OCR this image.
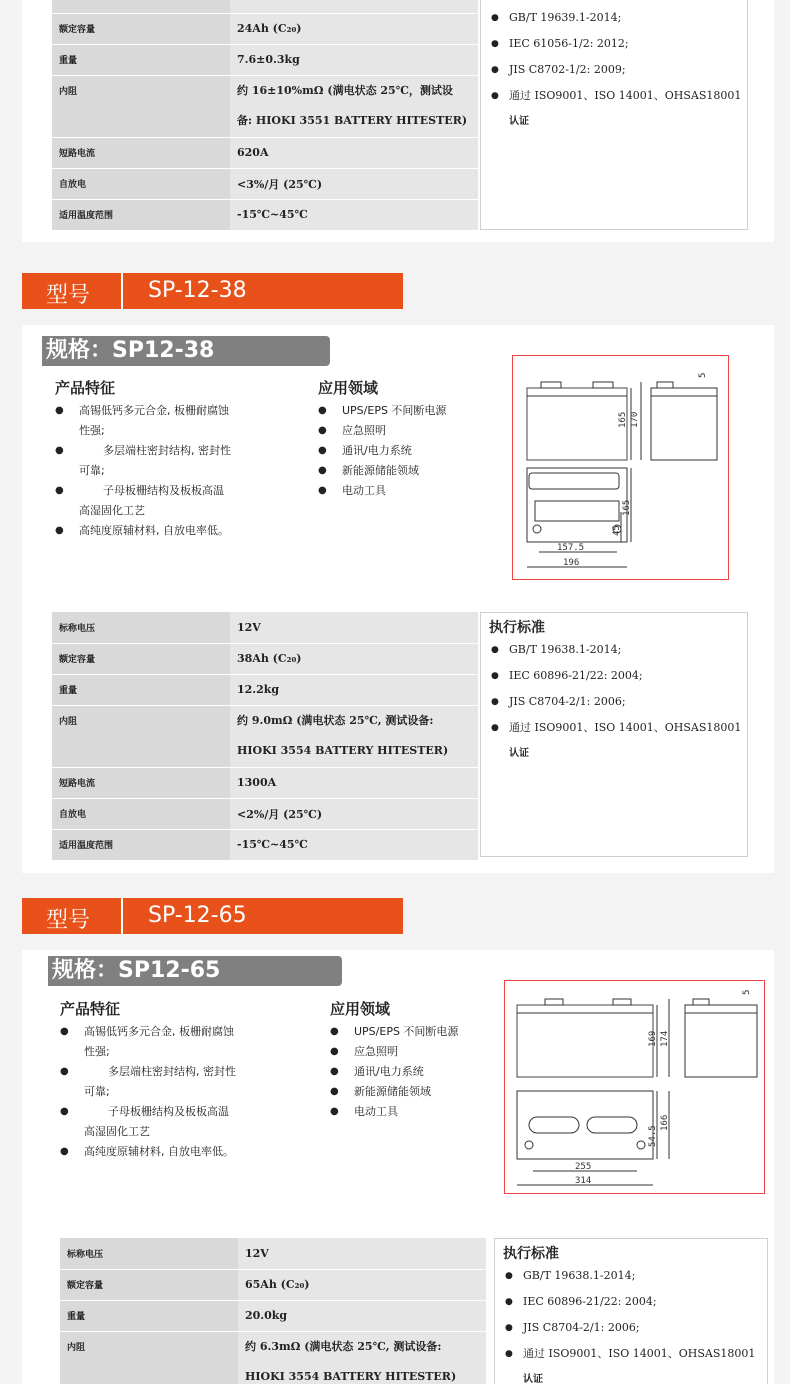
额定容量	24Ah (C₂₀)
重量	7.6±0.3kg
内阻	约 16±10%mΩ (满电状态 25℃，测试设
备: HIOKI 3551 BATTERY HITESTER)

短路电流	620A
自放电	<3%/月 (25℃)
适用温度范围	-15℃~45℃
● GB/T 19639.1-2014;
● IEC 61056-1/2: 2012;
● JIS C8702-1/2: 2009;
● 通过 ISO9001、ISO 14001、OHSAS18001
认证
型号	SP-12-38
规格：SP12-38
产品特征
● 高锡低钙多元合金, 板栅耐腐蚀
性强;
● 多层端柱密封结构, 密封性
可靠;
● 子母板栅结构及板板高温
高湿固化工艺
● 高纯度原辅材料, 自放电率低。
应用领域
● UPS/EPS 不间断电源
● 应急照明
● 通讯/电力系统
● 新能源储能领域
● 电动工具
165 170
5
165
45
157.5
196
标称电压	12V
额定容量	38Ah (C₂₀)
重量	12.2kg
内阻	约 9.0mΩ (满电状态 25℃, 测试设备:
HIOKI 3554 BATTERY HITESTER)

短路电流	1300A
自放电	<2%/月 (25℃)
适用温度范围	-15℃~45℃
执行标准
● GB/T 19638.1-2014;
● IEC 60896-21/22: 2004;
● JIS C8704-2/1: 2006;
● 通过 ISO9001、ISO 14001、OHSAS18001
认证
型号	SP-12-65
规格：SP12-65
产品特征
● 高锡低钙多元合金, 板栅耐腐蚀
性强;
● 多层端柱密封结构, 密封性
可靠;
● 子母板栅结构及板板高温
高湿固化工艺
● 高纯度原辅材料, 自放电率低。
应用领域
● UPS/EPS 不间断电源
● 应急照明
● 通讯/电力系统
● 新能源储能领域
● 电动工具
169 174
5
54.5
166
255
314
标称电压	12V
额定容量	65Ah (C₂₀)
重量	20.0kg
内阻	约 6.3mΩ (满电状态 25℃, 测试设备:
HIOKI 3554 BATTERY HITESTER)
执行标准
● GB/T 19638.1-2014;
● IEC 60896-21/22: 2004;
● JIS C8704-2/1: 2006;
● 通过 ISO9001、ISO 14001、OHSAS18001
认证
